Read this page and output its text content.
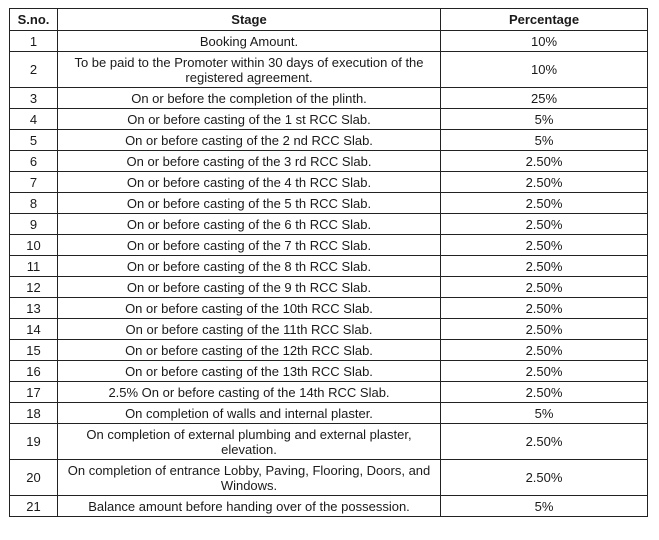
S.no.	Stage	Percentage
1	Booking Amount.	10%
2	To be paid to the Promoter within 30 days of execution of the registered agreement.	10%
3	On or before the completion of the plinth.	25%
4	On or before casting of the 1 st RCC Slab.	5%
5	On or before casting of the 2 nd RCC Slab.	5%
6	On or before casting of the 3 rd RCC Slab.	2.50%
7	On or before casting of the 4 th RCC Slab.	2.50%
8	On or before casting of the 5 th RCC Slab.	2.50%
9	On or before casting of the 6 th RCC Slab.	2.50%
10	On or before casting of the 7 th RCC Slab.	2.50%
11	On or before casting of the 8 th RCC Slab.	2.50%
12	On or before casting of the 9 th RCC Slab.	2.50%
13	On or before casting of the 10th RCC Slab.	2.50%
14	On or before casting of the 11th RCC Slab.	2.50%
15	On or before casting of the 12th RCC Slab.	2.50%
16	On or before casting of the 13th RCC Slab.	2.50%
17	2.5% On or before casting of the 14th RCC Slab.	2.50%
18	On completion of walls and internal plaster.	5%
19	On completion of external plumbing and external plaster, elevation.	2.50%
20	On completion of entrance Lobby, Paving, Flooring, Doors, and Windows.	2.50%
21	Balance amount before handing over of the possession.	5%
